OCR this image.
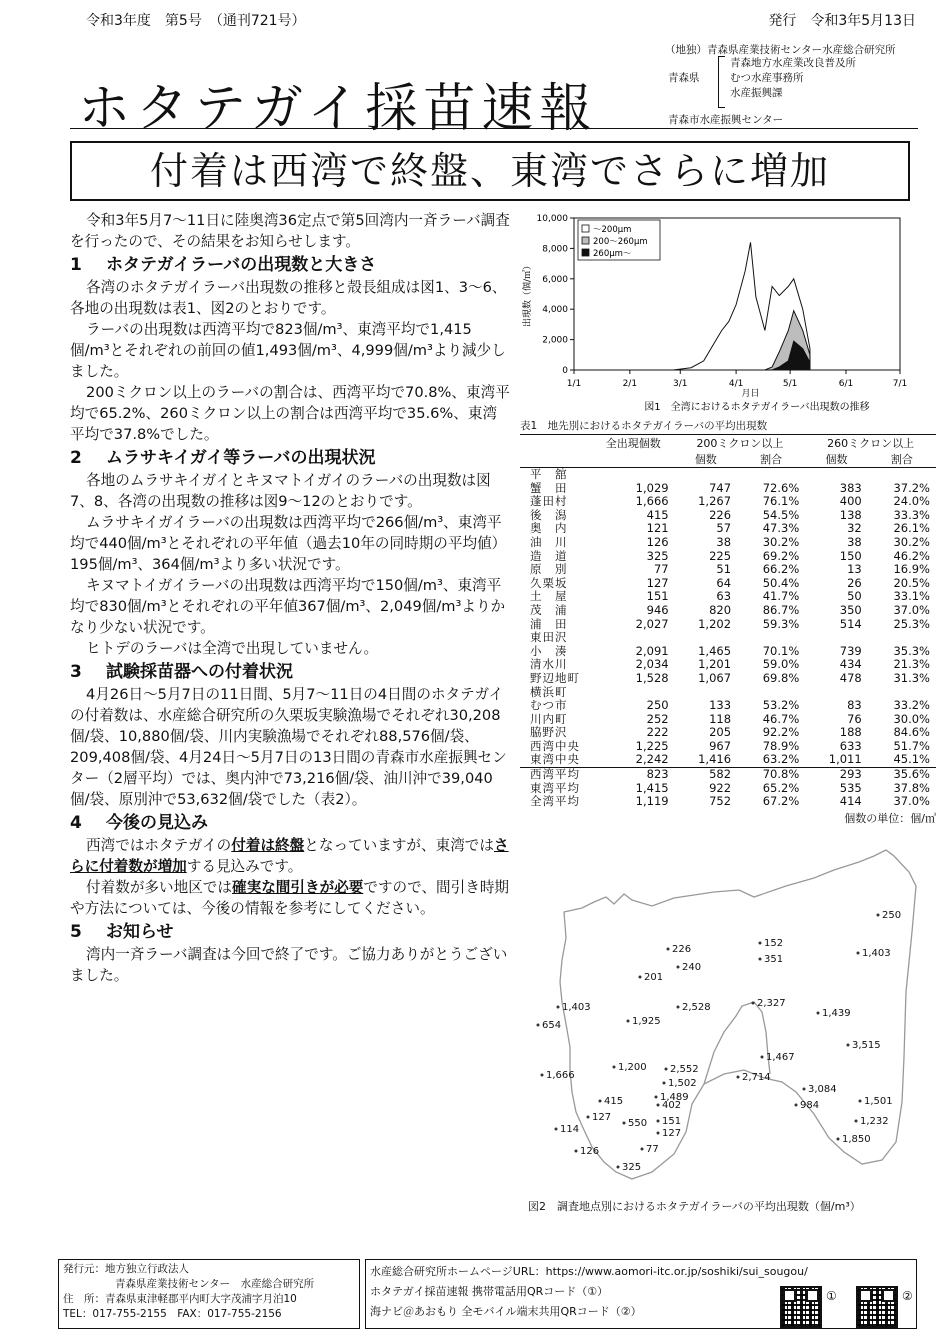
令和3年度　第5号　（通刊721号）	発行　令和3年5月13日
ホタテガイ採苗速報
（地独）青森県産業技術センター水産総合研究所
青森県
青森地方水産業改良普及所
むつ水産事務所
水産振興課
青森市水産振興センター
付着は西湾で終盤、東湾でさらに増加

令和3年5月7～11日に陸奥湾36定点で第5回湾内一斉ラーバ調査を行ったので、その結果をお知らせします。

1 ホタテガイラーバの出現数と大きさ

各湾のホタテガイラーバ出現数の推移と殻長組成は図1、3～6、各地の出現数は表1、図2のとおりです。

ラーバの出現数は西湾平均で823個/m³、東湾平均で1,415個/m³とそれぞれの前回の値1,493個/m³、4,999個/m³より減少しました。

200ミクロン以上のラーバの割合は、西湾平均で70.8%、東湾平均で65.2%、260ミクロン以上の割合は西湾平均で35.6%、東湾平均で37.8%でした。

2 ムラサキイガイ等ラーバの出現状況

各地のムラサキイガイとキヌマトイガイのラーバの出現数は図7、8、各湾の出現数の推移は図9～12のとおりです。

ムラサキイガイラーバの出現数は西湾平均で266個/m³、東湾平均で440個/m³とそれぞれの平年値（過去10年の同時期の平均値）195個/m³、364個/m³より多い状況です。

キヌマトイガイラーバの出現数は西湾平均で150個/m³、東湾平均で830個/m³とそれぞれの平年値367個/m³、2,049個/m³よりかなり少ない状況です。

ヒトデのラーバは全湾で出現していません。

3 試験採苗器への付着状況

4月26日～5月7日の11日間、5月7～11日の4日間のホタテガイの付着数は、水産総合研究所の久栗坂実験漁場でそれぞれ30,208個/袋、10,880個/袋、川内実験漁場でそれぞれ88,576個/袋、209,408個/袋、4月24日～5月7日の13日間の青森市水産振興センター（2層平均）では、奥内沖で73,216個/袋、油川沖で39,040個/袋、原別沖で53,632個/袋でした（表2）。

4 今後の見込み

西湾ではホタテガイの付着は終盤となっていますが、東湾ではさらに付着数が増加する見込みです。

付着数が多い地区では確実な間引きが必要ですので、間引き時期や方法については、今後の情報を参考にしてください。

5 お知らせ

湾内一斉ラーバ調査は今回で終了です。ご協力ありがとうございました。

1/1	2/1	3/1	4/1	5/1	6/1	7/1
0
2,000
4,000
6,000
8,000
10,000
出現数（個/㎥）
月日
図1　全湾におけるホタテガイラーバ出現数の推移
～200μm
200～260μm
260μm～
表1　地先別におけるホタテガイラーバの平均出現数
	全出現個数	200ミクロン以上		260ミクロン以上	
		個数	割合	個数	割合
平　舘					
蟹　田	1,029	747	72.6%	383	37.2%
蓬田村	1,666	1,267	76.1%	400	24.0%
後　潟	415	226	54.5%	138	33.3%
奥　内	121	57	47.3%	32	26.1%
油　川	126	38	30.2%	38	30.2%
造　道	325	225	69.2%	150	46.2%
原　別	77	51	66.2%	13	16.9%
久栗坂	127	64	50.4%	26	20.5%
土　屋	151	63	41.7%	50	33.1%
茂　浦	946	820	86.7%	350	37.0%
浦　田	2,027	1,202	59.3%	514	25.3%
東田沢					
小　湊	2,091	1,465	70.1%	739	35.3%
清水川	2,034	1,201	59.0%	434	21.3%
野辺地町	1,528	1,067	69.8%	478	31.3%
横浜町					
むつ市	250	133	53.2%	83	33.2%
川内町	252	118	46.7%	76	30.0%
脇野沢	222	205	92.2%	188	84.6%
西湾中央	1,225	967	78.9%	633	51.7%
東湾中央	2,242	1,416	63.2%	1,011	45.1%
西湾平均	823	582	70.8%	293	35.6%
東湾平均	1,415	922	65.2%	535	37.8%
全湾平均	1,119	752	67.2%	414	37.0%
個数の単位：個/㎥
250
1,403
152
351
226
240
201
2,528	2,327
1,439
1,403
654	1,925
3,515
1,467
1,200 2,552
2,714
1,666
1,502
3,084
1,501
1,489
984
415	402
127
550 151	1,232
114	127
1,850
126	77
325
図2　調査地点別におけるホタテガイラーバの平均出現数（個/m³）
発行元：地方独立行政法人
青森県産業技術センター　水産総合研究所
住　所：青森県東津軽郡平内町大字茂浦字月泊10
TEL：017-755-2155　FAX：017-755-2156
水産総合研究所ホームページURL：https://www.aomori-itc.or.jp/soshiki/sui_sougou/
ホタテガイ採苗速報 携帯電話用QRコード（①）
海ナビ＠あおもり 全モバイル端末共用QRコード（②）
①	②
